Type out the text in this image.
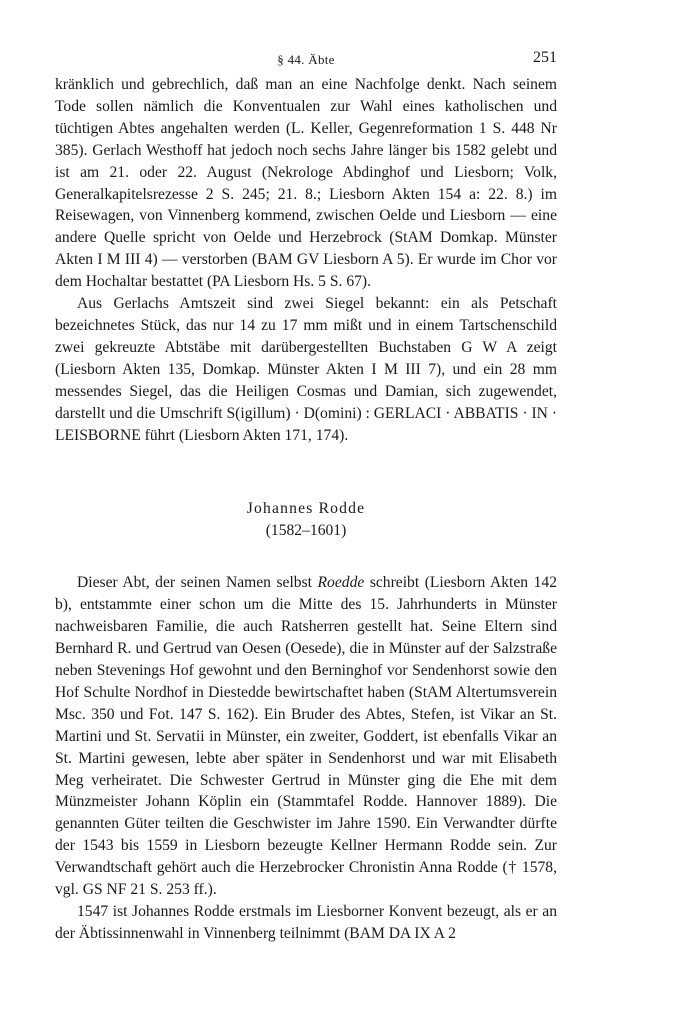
§ 44. Äbte	251

kränklich und gebrechlich, daß man an eine Nachfolge denkt. Nach seinem Tode sollen nämlich die Konventualen zur Wahl eines katholischen und tüchtigen Abtes angehalten werden (L. Keller, Gegenreformation 1 S. 448 Nr 385). Gerlach Westhoff hat jedoch noch sechs Jahre länger bis 1582 gelebt und ist am 21. oder 22. August (Nekrologe Abdinghof und Liesborn; Volk, Generalkapitelsrezesse 2 S. 245; 21. 8.; Liesborn Akten 154 a: 22. 8.) im Reisewagen, von Vinnenberg kommend, zwischen Oelde und Liesborn — eine andere Quelle spricht von Oelde und Herzebrock (StAM Domkap. Münster Akten I M III 4) — verstorben (BAM GV Liesborn A 5). Er wurde im Chor vor dem Hochaltar bestattet (PA Liesborn Hs. 5 S. 67).

Aus Gerlachs Amtszeit sind zwei Siegel bekannt: ein als Petschaft bezeichnetes Stück, das nur 14 zu 17 mm mißt und in einem Tartschenschild zwei gekreuzte Abtstäbe mit darübergestellten Buchstaben G W A zeigt (Liesborn Akten 135, Domkap. Münster Akten I M III 7), und ein 28 mm messendes Siegel, das die Heiligen Cosmas und Damian, sich zugewendet, darstellt und die Umschrift S(igillum) · D(omini) : GERLACI · ABBATIS · IN · LEISBORNE führt (Liesborn Akten 171, 174).

Johannes Rodde
(1582–1601)

Dieser Abt, der seinen Namen selbst Roedde schreibt (Liesborn Akten 142 b), entstammte einer schon um die Mitte des 15. Jahrhunderts in Münster nachweisbaren Familie, die auch Ratsherren gestellt hat. Seine Eltern sind Bernhard R. und Gertrud van Oesen (Oesede), die in Münster auf der Salzstraße neben Stevenings Hof gewohnt und den Berninghof vor Sendenhorst sowie den Hof Schulte Nordhof in Diestedde bewirtschaftet haben (StAM Altertumsverein Msc. 350 und Fot. 147 S. 162). Ein Bruder des Abtes, Stefen, ist Vikar an St. Martini und St. Servatii in Münster, ein zweiter, Goddert, ist ebenfalls Vikar an St. Martini gewesen, lebte aber später in Sendenhorst und war mit Elisabeth Meg verheiratet. Die Schwester Gertrud in Münster ging die Ehe mit dem Münzmeister Johann Köplin ein (Stammtafel Rodde. Hannover 1889). Die genannten Güter teilten die Geschwister im Jahre 1590. Ein Verwandter dürfte der 1543 bis 1559 in Liesborn bezeugte Kellner Hermann Rodde sein. Zur Verwandtschaft gehört auch die Herzebrocker Chronistin Anna Rodde († 1578, vgl. GS NF 21 S. 253 ff.).

1547 ist Johannes Rodde erstmals im Liesborner Konvent bezeugt, als er an der Äbtissinnenwahl in Vinnenberg teilnimmt (BAM DA IX A 2
